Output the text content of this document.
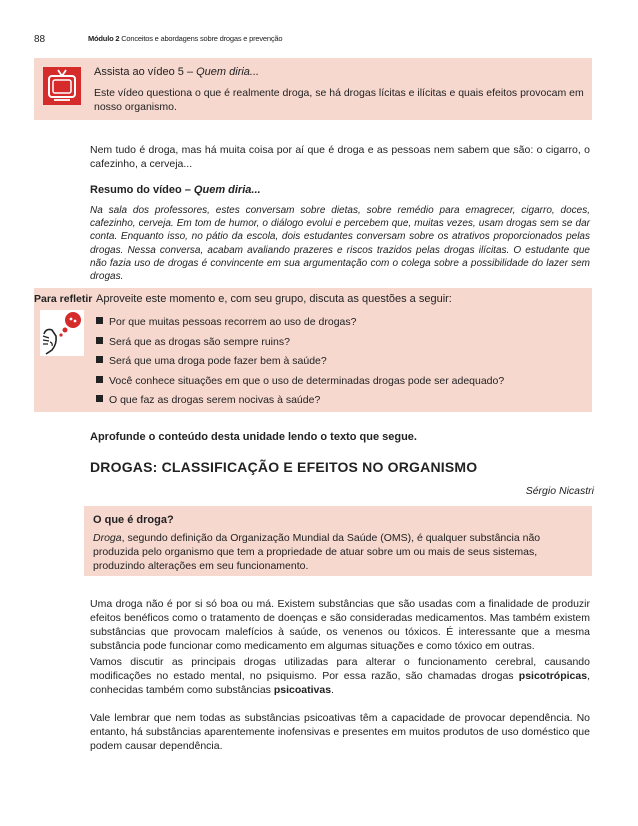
88	Módulo 2 Conceitos e abordagens sobre drogas e prevenção
Assista ao vídeo 5 – Quem diria...
Este vídeo questiona o que é realmente droga, se há drogas lícitas e ilícitas e quais efeitos provocam em nosso organismo.
Nem tudo é droga, mas há muita coisa por aí que é droga e as pessoas nem sabem que são: o cigarro, o cafezinho, a cerveja...
Resumo do vídeo – Quem diria...
Na sala dos professores, estes conversam sobre dietas, sobre remédio para emagrecer, cigarro, doces, cafezinho, cerveja. Em tom de humor, o diálogo evolui e percebem que, muitas vezes, usam drogas sem se dar conta. Enquanto isso, no pátio da escola, dois estudantes conversam sobre os atrativos proporcionados pelas drogas. Nessa conversa, acabam avaliando prazeres e riscos trazidos pelas drogas ilícitas. O estudante que não fazia uso de drogas é convincente em sua argumentação com o colega sobre a possibilidade do lazer sem drogas.
Para refletir Aproveite este momento e, com seu grupo, discuta as questões a seguir:
Por que muitas pessoas recorrem ao uso de drogas?
Será que as drogas são sempre ruins?
Será que uma droga pode fazer bem à saúde?
Você conhece situações em que o uso de determinadas drogas pode ser adequado?
O que faz as drogas serem nocivas à saúde?
Aprofunde o conteúdo desta unidade lendo o texto que segue.
DROGAS: CLASSIFICAÇÃO E EFEITOS NO ORGANISMO
Sérgio Nicastri
O que é droga?
Droga, segundo definição da Organização Mundial da Saúde (OMS), é qualquer substância não produzida pelo organismo que tem a propriedade de atuar sobre um ou mais de seus sistemas, produzindo alterações em seu funcionamento.
Uma droga não é por si só boa ou má. Existem substâncias que são usadas com a finalidade de produzir efeitos benéficos como o tratamento de doenças e são consideradas medicamentos. Mas também existem substâncias que provocam malefícios à saúde, os venenos ou tóxicos. É interessante que a mesma substância pode funcionar como medicamento em algumas situações e como tóxico em outras.
Vamos discutir as principais drogas utilizadas para alterar o funcionamento cerebral, causando modificações no estado mental, no psiquismo. Por essa razão, são chamadas drogas psicotrópicas, conhecidas também como substâncias psicoativas.
Vale lembrar que nem todas as substâncias psicoativas têm a capacidade de provocar dependência. No entanto, há substâncias aparentemente inofensivas e presentes em muitos produtos de uso doméstico que podem causar dependência.
